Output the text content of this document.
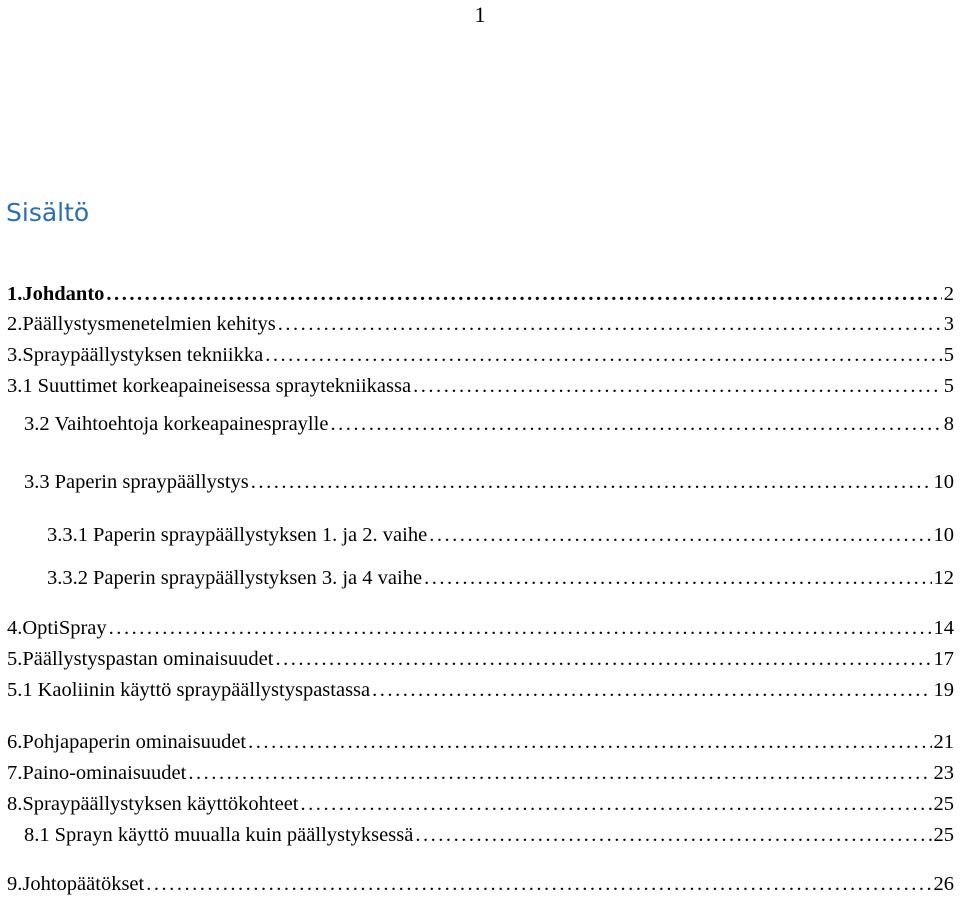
1
Sisältö
1. Johdanto . . .	2
2. Päällystysmenetelmien kehitys . . .	3
3. Spraypäällystyksen tekniikka . . .	5
3.1 Suuttimet korkeapaineisessa spraytekniikassa . . .	5
3.2 Vaihtoehtoja korkeapainespraylle . . .	8
3.3 Paperin spraypäällystys . . .	10
3.3.1 Paperin spraypäällystyksen 1. ja 2. vaihe . . .	10
3.3.2 Paperin spraypäällystyksen 3. ja 4 vaihe . . .	12
4. OptiSpray . . .	14
5. Päällystyspastan ominaisuudet . . .	17
5.1 Kaoliinin käyttö spraypäällystyspastassa . . .	19
6. Pohjapaperin ominaisuudet . . .	21
7. Paino-ominaisuudet . . .	23
8. Spraypäällystyksen käyttökohteet . . .	25
8.1 Sprayn käyttö muualla kuin päällystyksessä . . .	25
9. Johtopäätökset . . .	26
